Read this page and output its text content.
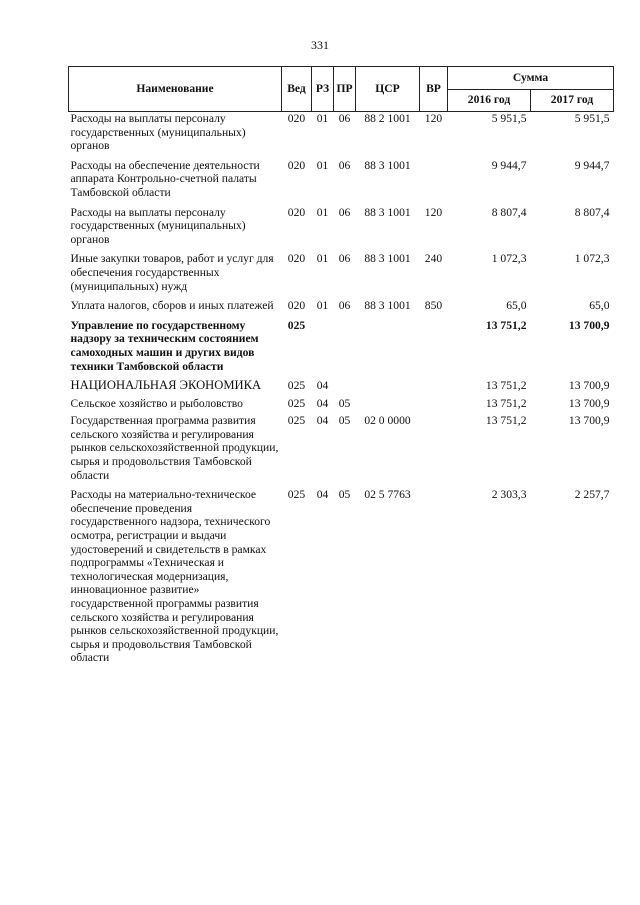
331
Наименование	Вед	РЗ	ПР	ЦСР	ВР	Сумма	
						2016 год	2017 год
Расходы на выплаты персоналу государственных (муниципальных) органов	020	01	06	88 2 1001	120	5 951,5	5 951,5
Расходы на обеспечение деятельности аппарата Контрольно-счетной палаты Тамбовской области	020	01	06	88 3 1001		9 944,7	9 944,7
Расходы на выплаты персоналу государственных (муниципальных) органов	020	01	06	88 3 1001	120	8 807,4	8 807,4
Иные закупки товаров, работ и услуг для обеспечения государственных (муниципальных) нужд	020	01	06	88 3 1001	240	1 072,3	1 072,3
Уплата налогов, сборов и иных платежей	020	01	06	88 3 1001	850	65,0	65,0
Управление по государственному надзору за техническим состоянием самоходных машин и других видов техники Тамбовской области	025					13 751,2	13 700,9
НАЦИОНАЛЬНАЯ ЭКОНОМИКА	025	04				13 751,2	13 700,9
Сельское хозяйство и рыболовство	025	04	05			13 751,2	13 700,9
Государственная программа развития сельского хозяйства и регулирования рынков сельскохозяйственной продукции, сырья и продовольствия Тамбовской области	025	04	05	02 0 0000		13 751,2	13 700,9
Расходы на материально-техническое обеспечение проведения государственного надзора, технического осмотра, регистрации и выдачи удостоверений и свидетельств в рамках подпрограммы «Техническая и технологическая модернизация, инновационное развитие» государственной программы развития сельского хозяйства и регулирования рынков сельскохозяйственной продукции, сырья и продовольствия Тамбовской области	025	04	05	02 5 7763		2 303,3	2 257,7
